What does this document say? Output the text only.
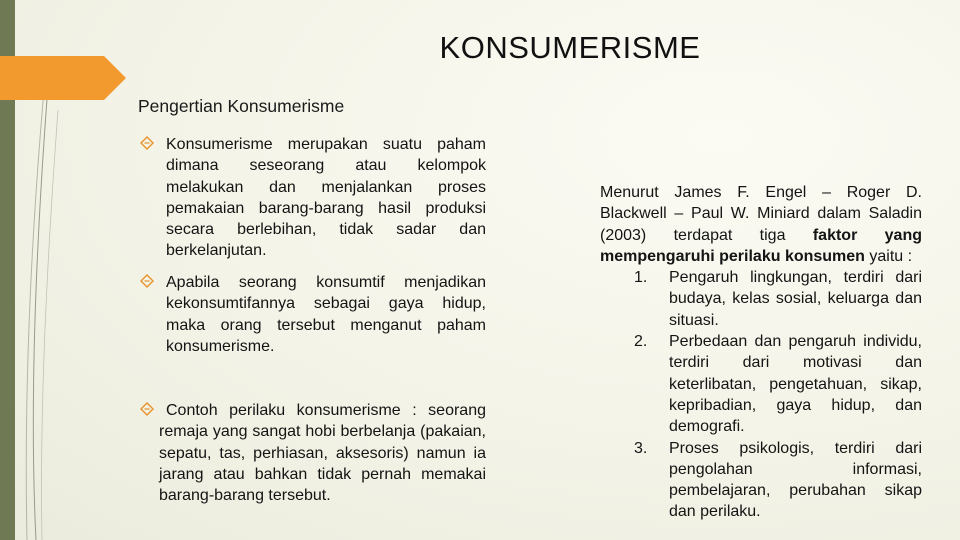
KONSUMERISME
Pengertian Konsumerisme
Konsumerisme merupakan suatu paham dimana seseorang atau kelompok melakukan dan menjalankan proses pemakaian barang-barang hasil produksi secara berlebihan, tidak sadar dan berkelanjutan.
Apabila seorang konsumtif menjadikan kekonsumtifannya sebagai gaya hidup, maka orang tersebut menganut paham konsumerisme.
Contoh perilaku konsumerisme : seorang remaja yang sangat hobi berbelanja (pakaian, sepatu, tas, perhiasan, aksesoris) namun ia jarang atau bahkan tidak pernah memakai barang-barang tersebut.
Menurut James F. Engel – Roger D. Blackwell – Paul W. Miniard dalam Saladin (2003) terdapat tiga faktor yang mempengaruhi perilaku konsumen yaitu :
1. Pengaruh lingkungan, terdiri dari budaya, kelas sosial, keluarga dan situasi.
2. Perbedaan dan pengaruh individu, terdiri dari motivasi dan keterlibatan, pengetahuan, sikap, kepribadian, gaya hidup, dan demografi.
3. Proses psikologis, terdiri dari pengolahan informasi, pembelajaran, perubahan sikap dan perilaku.
